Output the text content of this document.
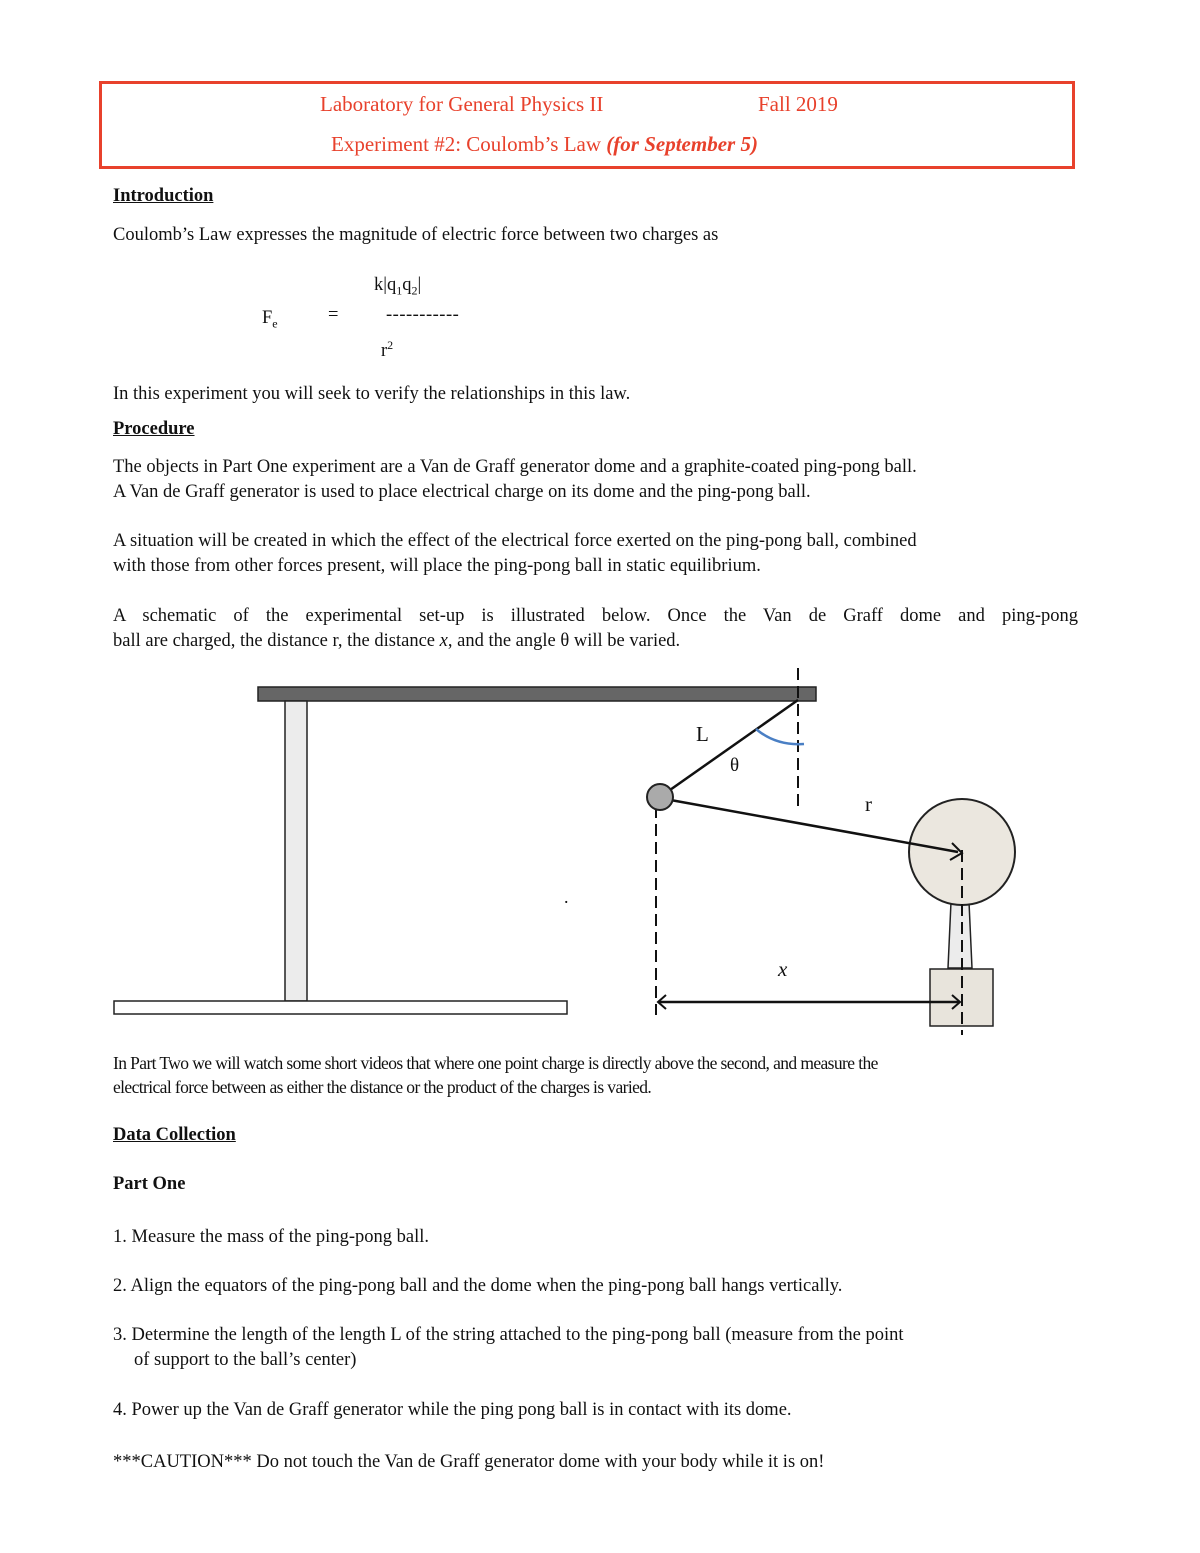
Laboratory for General Physics II	Fall 2019
Experiment #2: Coulomb’s Law (for September 5)
Introduction
Coulomb’s Law expresses the magnitude of electric force between two charges as
$F_e$	=
$k|q_1q_2|$
-----------
$r^2$
In this experiment you will seek to verify the relationships in this law.
Procedure
The objects in Part One experiment are a Van de Graff generator dome and a graphite-coated ping-pong ball.
A Van de Graff generator is used to place electrical charge on its dome and the ping-pong ball.
A situation will be created in which the effect of the electrical force exerted on the ping-pong ball, combined
with those from other forces present, will place the ping-pong ball in static equilibrium.
A schematic of the experimental set-up is illustrated below. Once the Van de Graff dome and ping-pong
ball are charged, the distance r, the distance x, and the angle θ will be varied.
L
θ
r
x
.
In Part Two we will watch some short videos that where one point charge is directly above the second, and measure the
electrical force between as either the distance or the product of the charges is varied.
Data Collection
Part One
1. Measure the mass of the ping-pong ball.
2. Align the equators of the ping-pong ball and the dome when the ping-pong ball hangs vertically.
3. Determine the length of the length L of the string attached to the ping-pong ball (measure from the point
of support to the ball’s center)
4. Power up the Van de Graff generator while the ping pong ball is in contact with its dome.
***CAUTION*** Do not touch the Van de Graff generator dome with your body while it is on!
